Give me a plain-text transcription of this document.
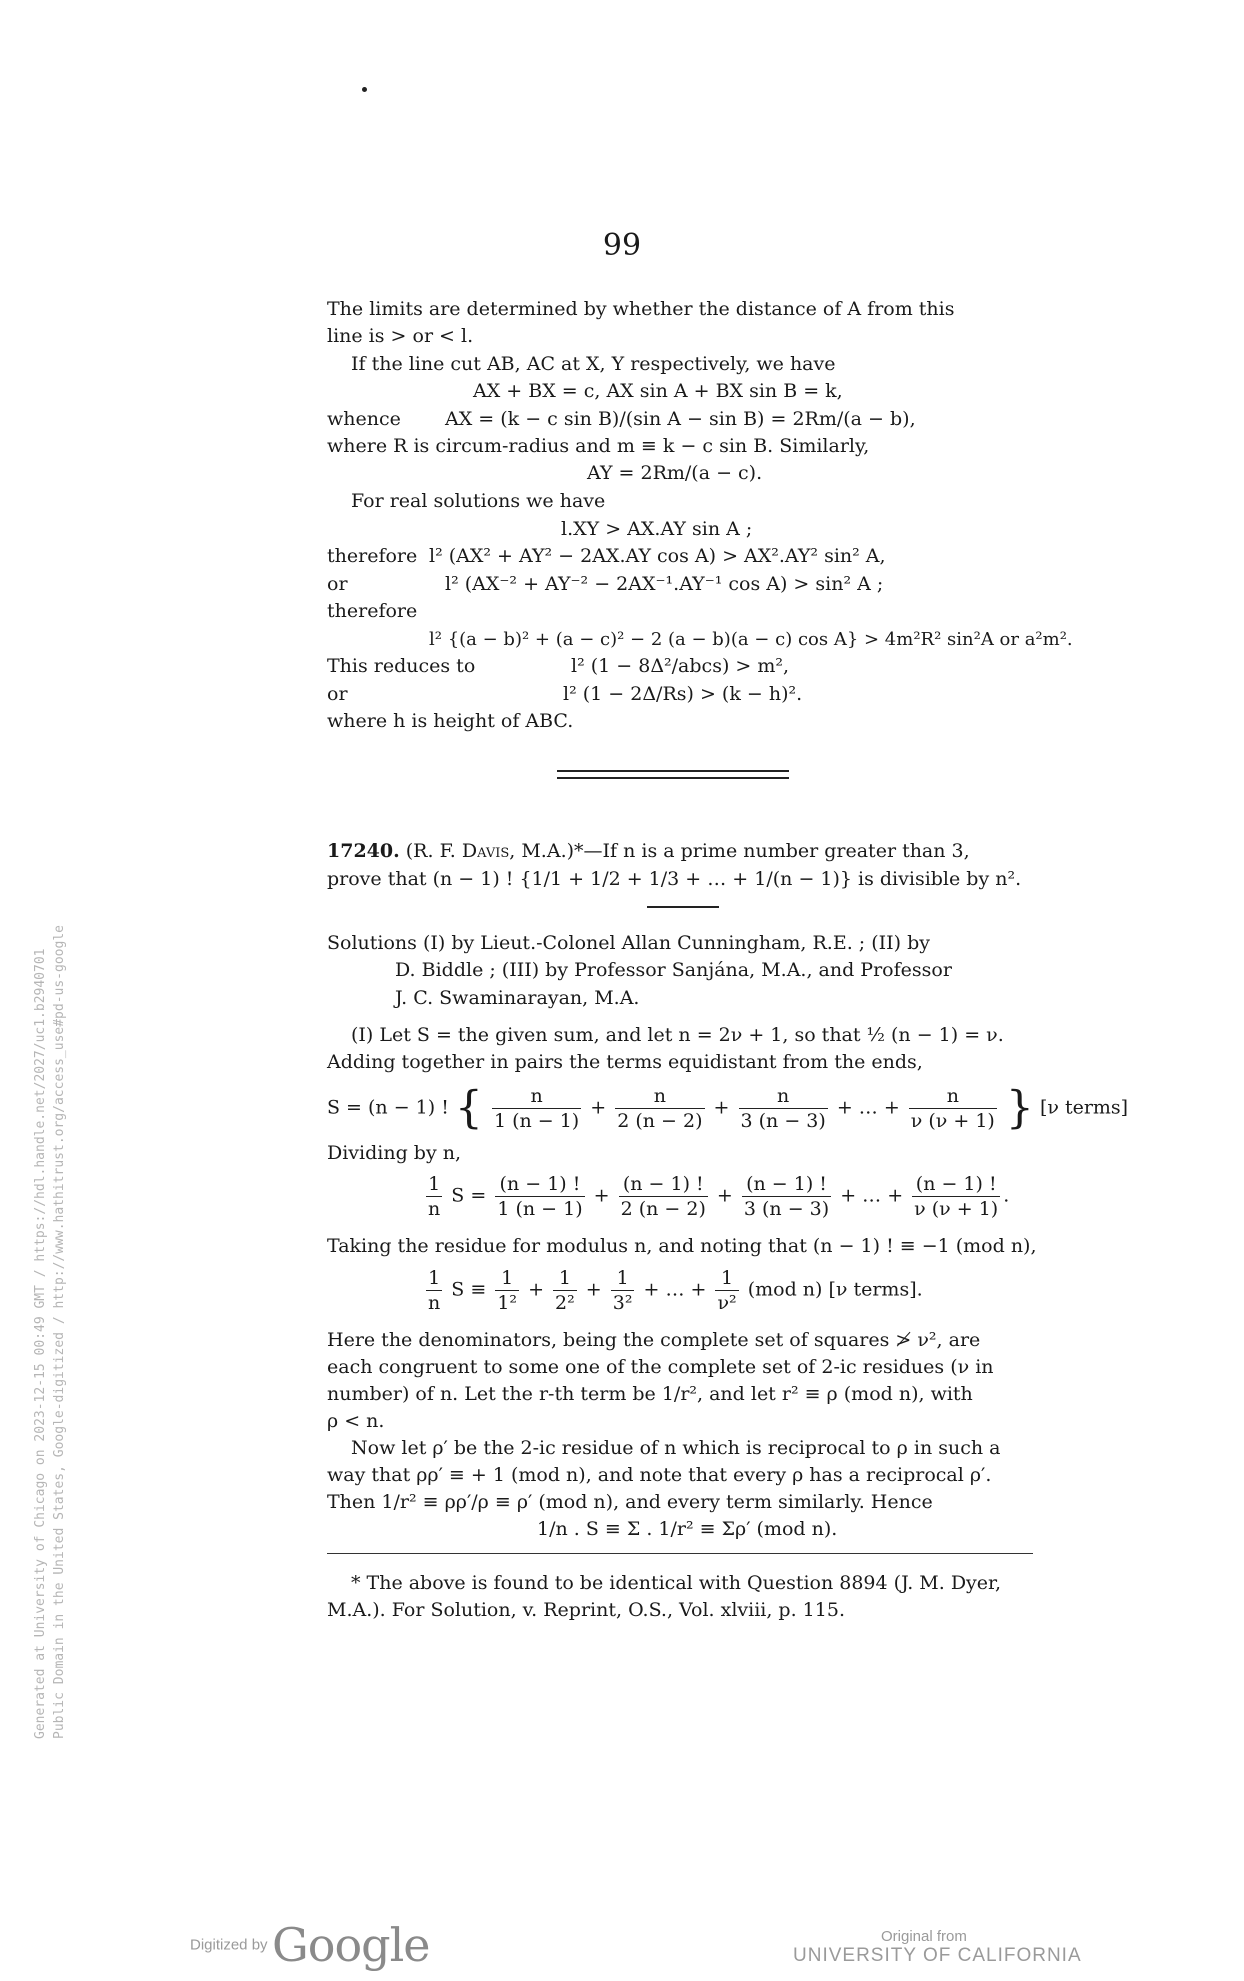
99
The limits are determined by whether the distance of A from this
line is > or < l.
If the line cut AB, AC at X, Y respectively, we have
AX + BX = c, AX sin A + BX sin B = k,
whence	AX = (k − c sin B)/(sin A − sin B) = 2Rm/(a − b),
where R is circum-radius and m ≡ k − c sin B. Similarly,
AY = 2Rm/(a − c).
For real solutions we have
l.XY > AX.AY sin A ;
therefore l² (AX² + AY² − 2AX.AY cos A) > AX².AY² sin² A,
or	l² (AX⁻² + AY⁻² − 2AX⁻¹.AY⁻¹ cos A) > sin² A ;
therefore
l² {(a − b)² + (a − c)² − 2 (a − b)(a − c) cos A} > 4m²R² sin²A or a²m².
This reduces to	l² (1 − 8Δ²/abcs) > m²,
or	l² (1 − 2Δ/Rs) > (k − h)².
where h is height of ABC.
17240. (R. F. Davis, M.A.)*—If n is a prime number greater than 3,
prove that (n − 1) ! {1/1 + 1/2 + 1/3 + … + 1/(n − 1)} is divisible by n².
Solutions (I) by Lieut.-Colonel Allan Cunningham, R.E. ; (II) by
D. Biddle ; (III) by Professor Sanjána, M.A., and Professor
J. C. Swaminarayan, M.A.
(I) Let S = the given sum, and let n = 2ν + 1, so that ½ (n − 1) = ν.
Adding together in pairs the terms equidistant from the ends,
S = (n − 1) ! { $\frac{n}{1 (n - 1)} + \frac{n}{2 (n - 2)} + \frac{n}{3 (n - 3)}$ + … + $\frac{n}{\nu (\nu + 1)}$ } [ν terms]
Dividing by n,
$\frac{1}{n}$ $S = \frac{(n - 1) !}{1 (n - 1)} + \frac{(n - 1) !}{2 (n - 2)} + \frac{(n - 1) !}{3 (n - 3)}$ + … + $\frac{(n - 1) !}{\nu (\nu + 1)}$ .
Taking the residue for modulus n, and noting that (n − 1) ! ≡ −1 (mod n),
$\frac{1}{n}$ $S \equiv \frac{1}{\text{1²}} + \frac{1}{\text{2²}} + \frac{1}{\text{3²}}$ + … + $\frac{1}{\text{ν²}} (mod$ n) [ν terms].
Here the denominators, being the complete set of squares ≯ ν², are
each congruent to some one of the complete set of 2-ic residues (ν in
number) of n. Let the r-th term be 1/r², and let r² ≡ ρ (mod n), with
ρ < n.
Now let ρ′ be the 2-ic residue of n which is reciprocal to ρ in such a
way that ρρ′ ≡ + 1 (mod n), and note that every ρ has a reciprocal ρ′.
Then 1/r² ≡ ρρ′/ρ ≡ ρ′ (mod n), and every term similarly. Hence
1/n . S ≡ Σ . 1/r² ≡ Σρ′ (mod n).
* The above is found to be identical with Question 8894 (J. M. Dyer,
M.A.). For Solution, v. Reprint, O.S., Vol. xlviii, p. 115.
Generated at University of Chicago on 2023-12-15 00:49 GMT / https://hdl.handle.net/2027/uc1.b2940701 Public Domain in the United States, Google-digitized / http://www.hathitrust.org/access_use#pd-us-google
Digitized by Google	Original from
UNIVERSITY OF CALIFORNIA
